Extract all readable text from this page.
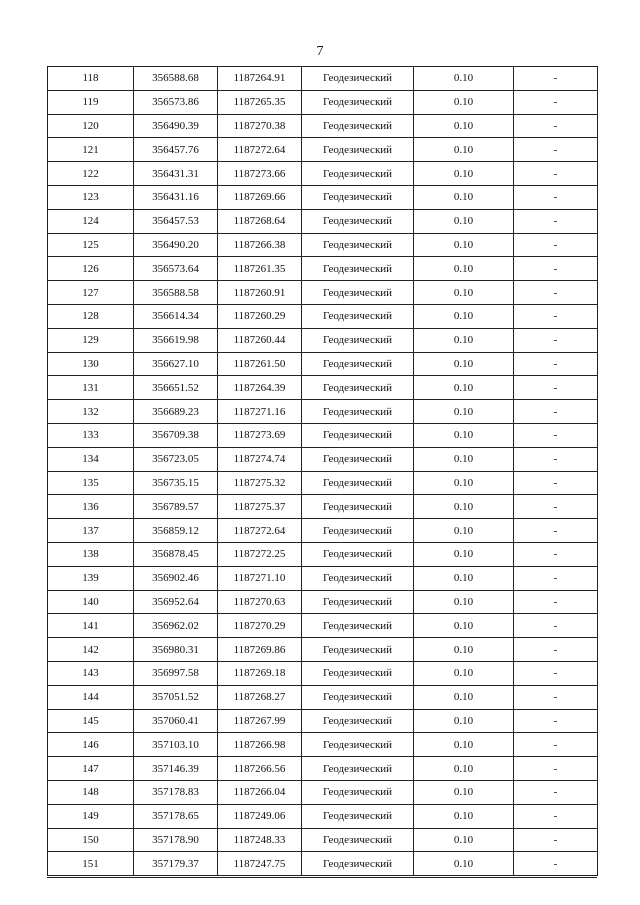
7
118	356588.68	1187264.91	Геодезический	0.10	-
119	356573.86	1187265.35	Геодезический	0.10	-
120	356490.39	1187270.38	Геодезический	0.10	-
121	356457.76	1187272.64	Геодезический	0.10	-
122	356431.31	1187273.66	Геодезический	0.10	-
123	356431.16	1187269.66	Геодезический	0.10	-
124	356457.53	1187268.64	Геодезический	0.10	-
125	356490.20	1187266.38	Геодезический	0.10	-
126	356573.64	1187261.35	Геодезический	0.10	-
127	356588.58	1187260.91	Геодезический	0.10	-
128	356614.34	1187260.29	Геодезический	0.10	-
129	356619.98	1187260.44	Геодезический	0.10	-
130	356627.10	1187261.50	Геодезический	0.10	-
131	356651.52	1187264.39	Геодезический	0.10	-
132	356689.23	1187271.16	Геодезический	0.10	-
133	356709.38	1187273.69	Геодезический	0.10	-
134	356723.05	1187274.74	Геодезический	0.10	-
135	356735.15	1187275.32	Геодезический	0.10	-
136	356789.57	1187275.37	Геодезический	0.10	-
137	356859.12	1187272.64	Геодезический	0.10	-
138	356878.45	1187272.25	Геодезический	0.10	-
139	356902.46	1187271.10	Геодезический	0.10	-
140	356952.64	1187270.63	Геодезический	0.10	-
141	356962.02	1187270.29	Геодезический	0.10	-
142	356980.31	1187269.86	Геодезический	0.10	-
143	356997.58	1187269.18	Геодезический	0.10	-
144	357051.52	1187268.27	Геодезический	0.10	-
145	357060.41	1187267.99	Геодезический	0.10	-
146	357103.10	1187266.98	Геодезический	0.10	-
147	357146.39	1187266.56	Геодезический	0.10	-
148	357178.83	1187266.04	Геодезический	0.10	-
149	357178.65	1187249.06	Геодезический	0.10	-
150	357178.90	1187248.33	Геодезический	0.10	-
151	357179.37	1187247.75	Геодезический	0.10	-
